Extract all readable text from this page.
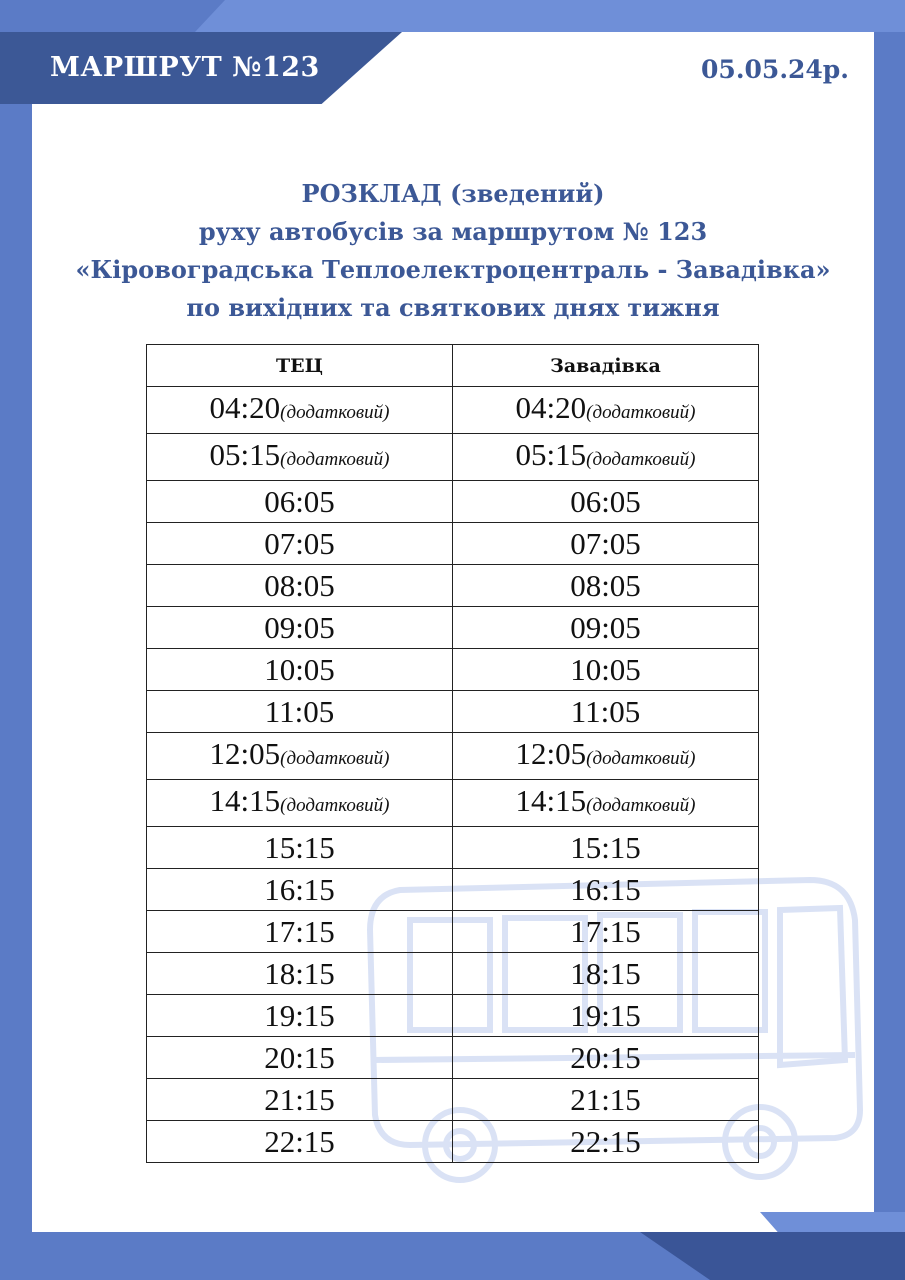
МАРШРУТ №123	05.05.24р.
РОЗКЛАД (зведений)
руху автобусів за маршрутом № 123
«Кіровоградська Теплоелектроцентраль - Завадівка»
по вихідних та святкових днях тижня
ТЕЦ	Завадівка
04:20(додатковий)	04:20(додатковий)
05:15(додатковий)	05:15(додатковий)
06:05	06:05
07:05	07:05
08:05	08:05
09:05	09:05
10:05	10:05
11:05	11:05
12:05(додатковий)	12:05(додатковий)
14:15(додатковий)	14:15(додатковий)
15:15	15:15
16:15	16:15
17:15	17:15
18:15	18:15
19:15	19:15
20:15	20:15
21:15	21:15
22:15	22:15
